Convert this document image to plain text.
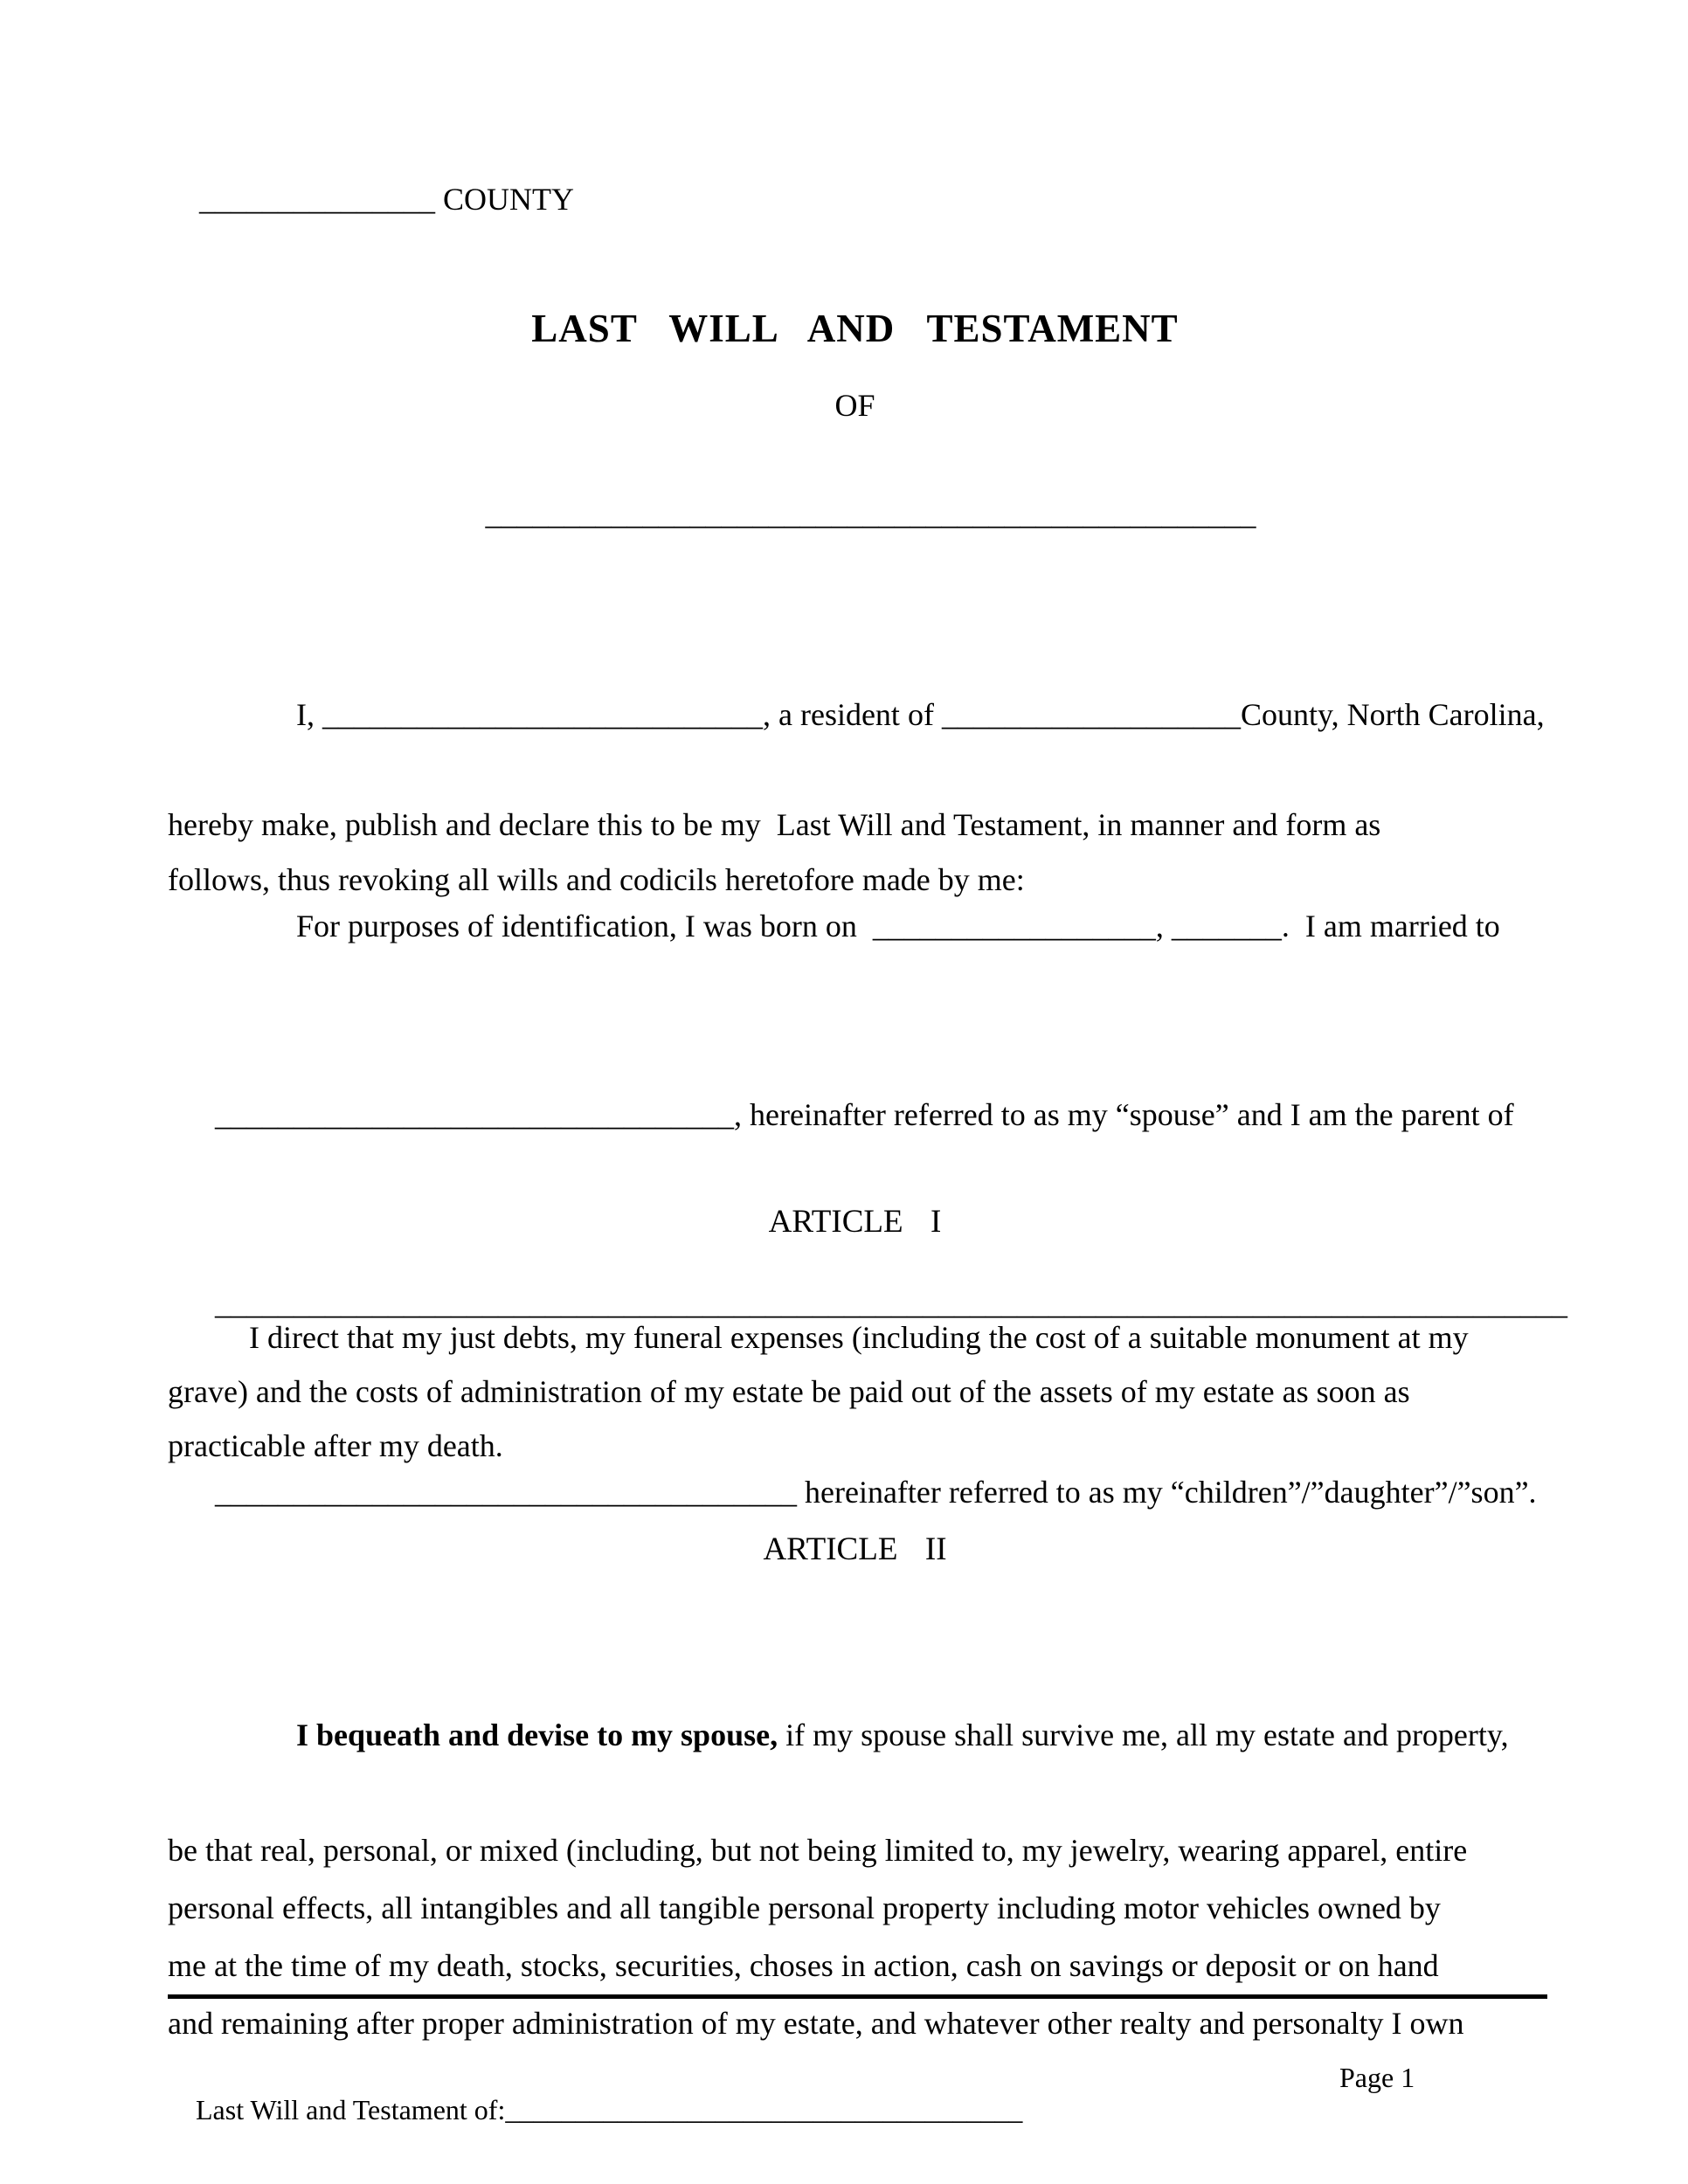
_______________ COUNTY

LAST WILL AND TESTAMENT
OF

_________________________________________________

I, ____________________________, a resident of ___________________County, North Carolina,

hereby make, publish and declare this to be my  Last Will and Testament, in manner and form as
follows, thus revoking all wills and codicils heretofore made by me:

For purposes of identification, I was born on  __________________, _______.  I am married to

_________________________________, hereinafter referred to as my “spouse” and I am the parent of

______________________________________________________________________________________

_____________________________________ hereinafter referred to as my “children”/”daughter”/”son”.

ARTICLE I
I direct that my just debts, my funeral expenses (including the cost of a suitable monument at my
grave) and the costs of administration of my estate be paid out of the assets of my estate as soon as
practicable after my death.
ARTICLE II

I bequeath and devise to my spouse, if my spouse shall survive me, all my estate and property,

be that real, personal, or mixed (including, but not being limited to, my jewelry, wearing apparel, entire
personal effects, all intangibles and all tangible personal property including motor vehicles owned by
me at the time of my death, stocks, securities, choses in action, cash on savings or deposit or on hand
and remaining after proper administration of my estate, and whatever other realty and personalty I own

Last Will and Testament of:_____________________________________

Page 1
